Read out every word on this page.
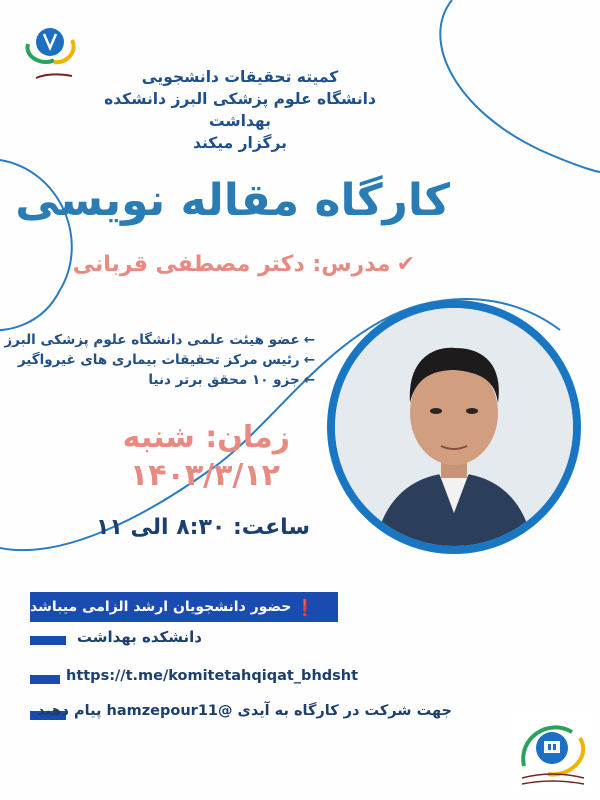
کمیته تحقیقات دانشجویی
دانشگاه علوم پزشکی البرز دانشکده بهداشت
برگزار میکند
کارگاه مقاله نویسی
✔مدرس: دکتر مصطفی قربانی
←عضو هیئت علمی دانشگاه علوم پزشکی البرز
←رئیس مرکز تحقیقات بیماری های غیرواگیر
←جزو ۱۰ محقق برتر دنیا
زمان: شنبه
۱۴۰۳/۳/۱۲
ساعت: ۸:۳۰ الی ۱۱
❗
حضور دانشجویان ارشد الزامی میباشد
دانشکده بهداشت
https://t.me/komitetahqiqat_bhdsht
جهت شرکت در کارگاه به آیدی @hamzepour11 پیام دهید
